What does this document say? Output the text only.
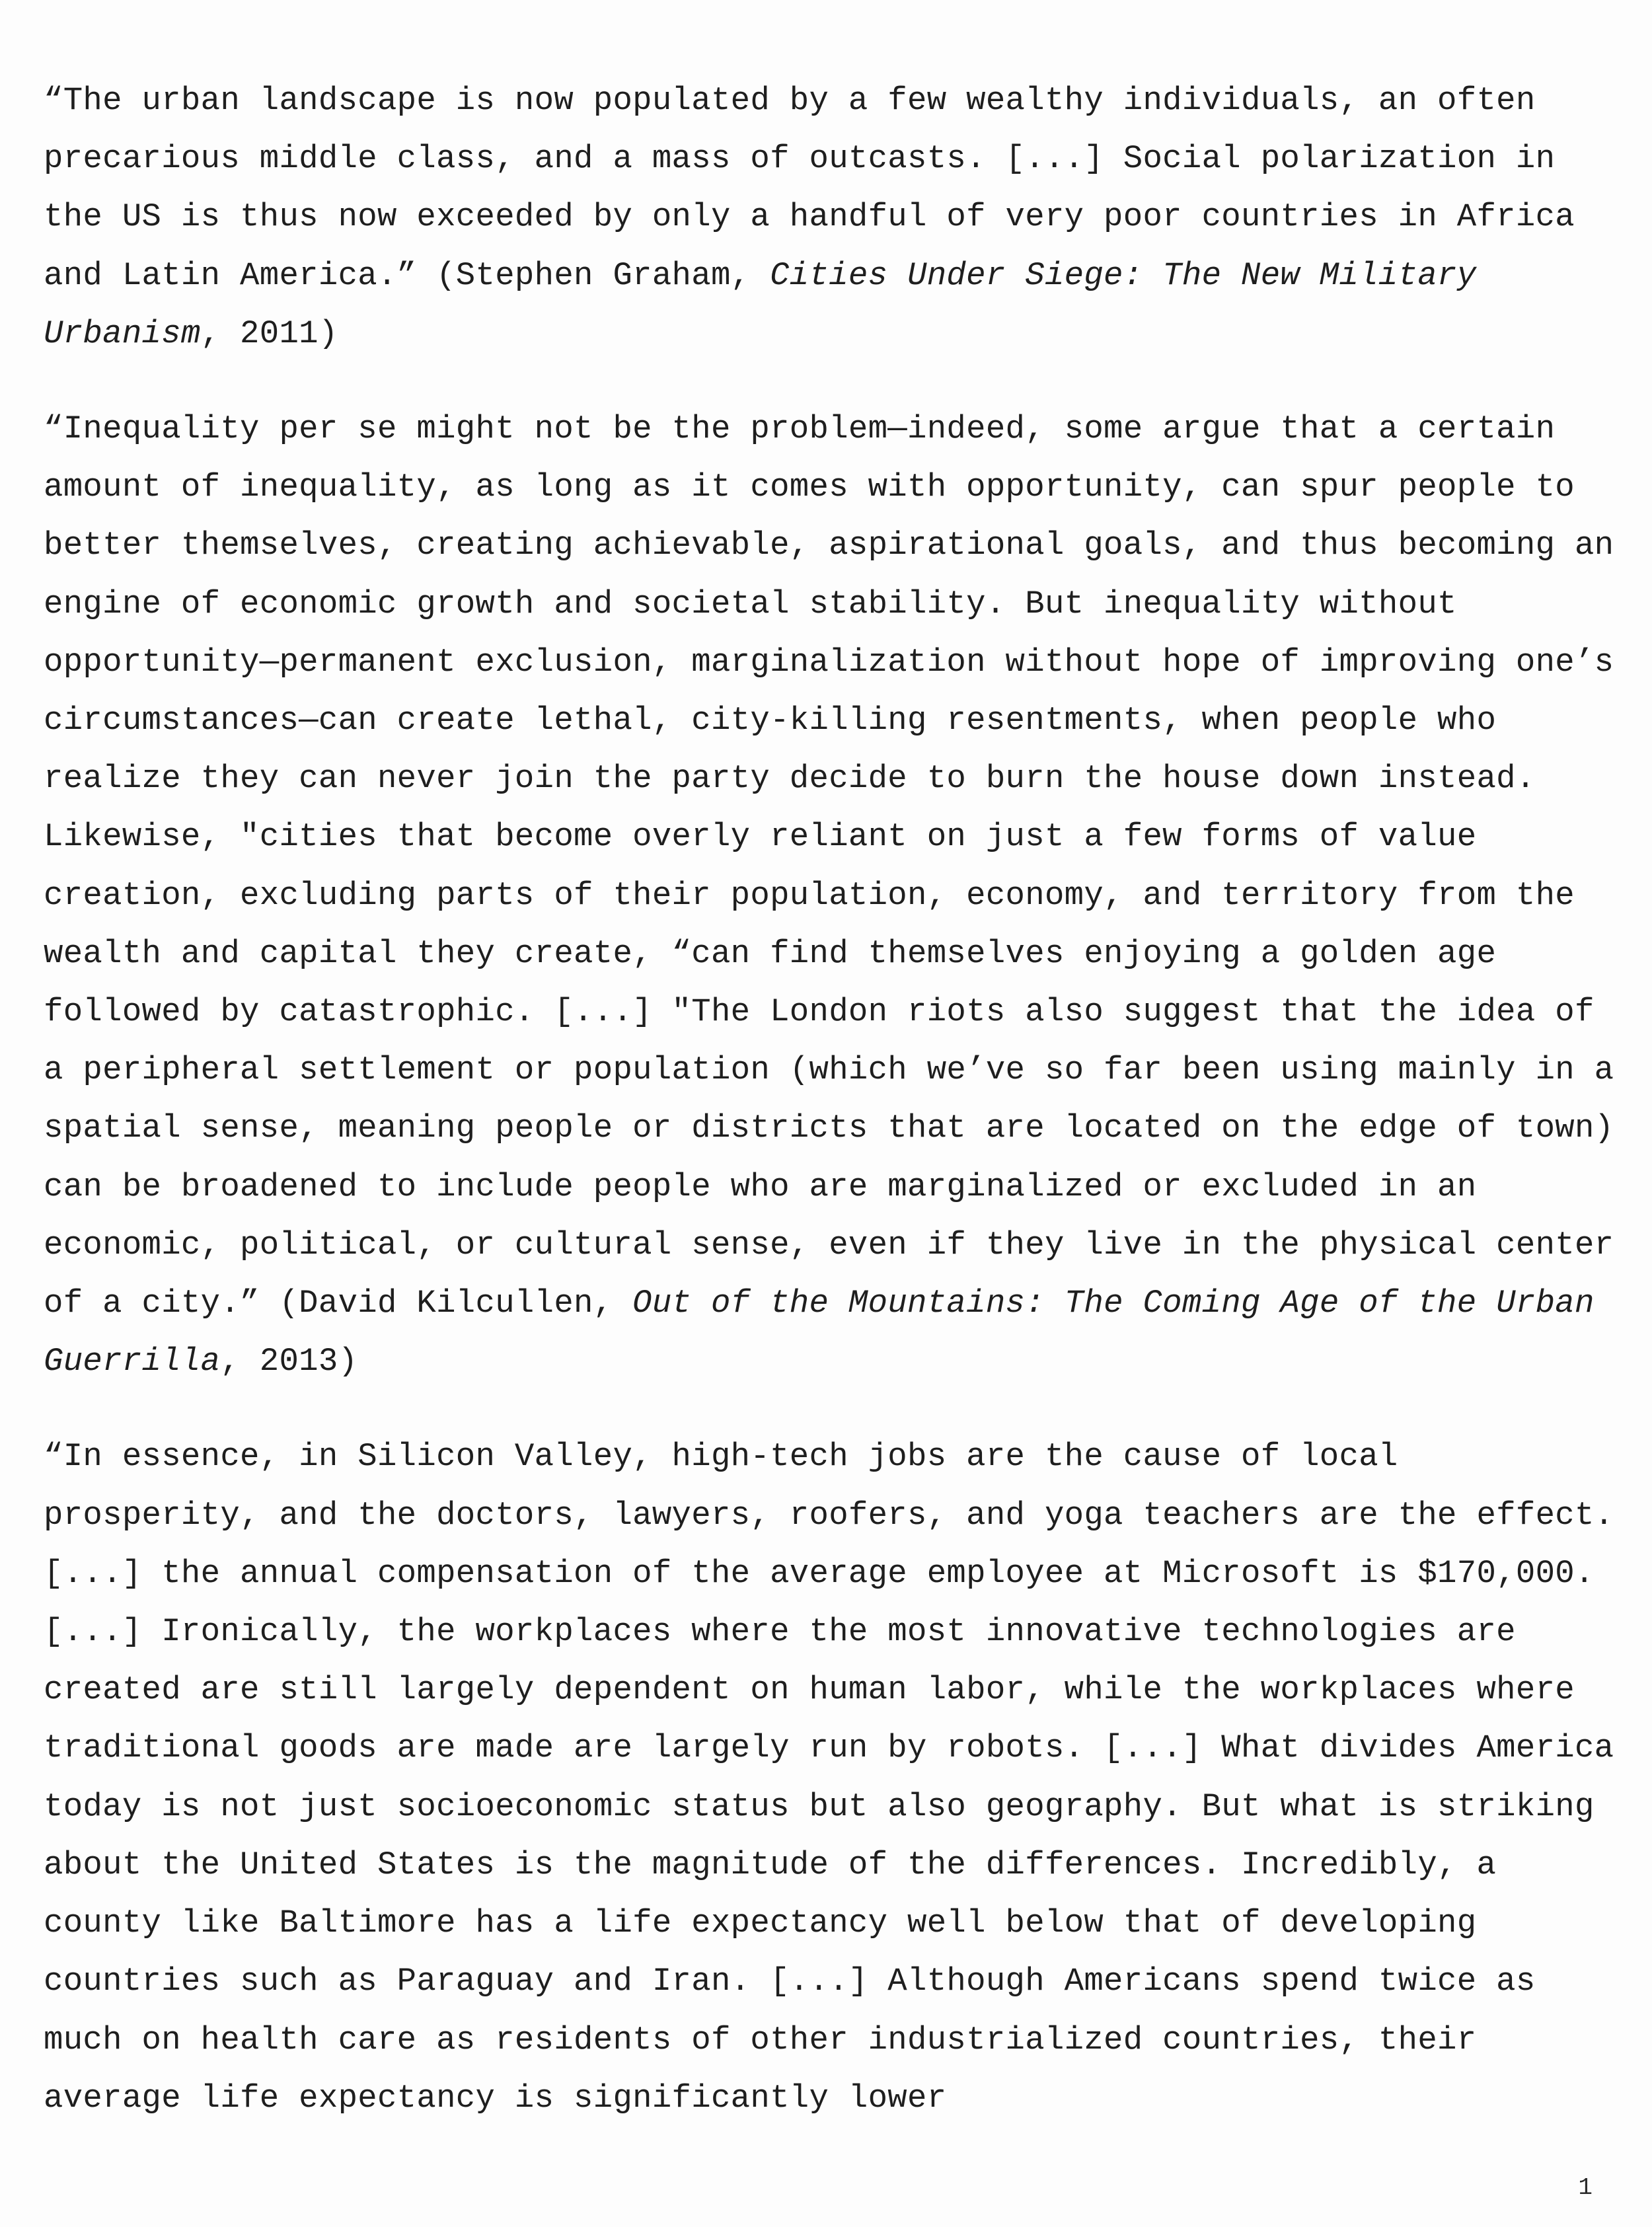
“The urban landscape is now populated by a few wealthy individuals, an often precarious middle class, and a mass of outcasts. [...] Social polarization in the US is thus now exceeded by only a handful of very poor countries in Africa and Latin America.” (Stephen Graham, Cities Under Siege: The New Military Urbanism, 2011)

“Inequality per se might not be the problem—indeed, some argue that a certain amount of inequality, as long as it comes with opportunity, can spur people to better themselves, creating achievable, aspirational goals, and thus becoming an engine of economic growth and societal stability. But inequality without opportunity—permanent exclusion, marginalization without hope of improving one’s circumstances—can create lethal, city-killing resentments, when people who realize they can never join the party decide to burn the house down instead. Likewise, "cities that become overly reliant on just a few forms of value creation, excluding parts of their population, economy, and territory from the wealth and capital they create, “can find themselves enjoying a golden age followed by catastrophic. [...] "The London riots also suggest that the idea of a peripheral settlement or population (which we’ve so far been using mainly in a spatial sense, meaning people or districts that are located on the edge of town) can be broadened to include people who are marginalized or excluded in an economic, political, or cultural sense, even if they live in the physical center of a city.” (David Kilcullen, Out of the Mountains: The Coming Age of the Urban Guerrilla, 2013)

“In essence, in Silicon Valley, high-tech jobs are the cause of local prosperity, and the doctors, lawyers, roofers, and yoga teachers are the effect. [...] the annual compensation of the average employee at Microsoft is $170,000. [...] Ironically, the workplaces where the most innovative technologies are created are still largely dependent on human labor, while the workplaces where traditional goods are made are largely run by robots. [...] What divides America today is not just socioeconomic status but also geography. But what is striking about the United States is the magnitude of the differences. Incredibly, a county like Baltimore has a life expectancy well below that of developing countries such as Paraguay and Iran. [...] Although Americans spend twice as much on health care as residents of other industrialized countries, their average life expectancy is significantly lower

1
